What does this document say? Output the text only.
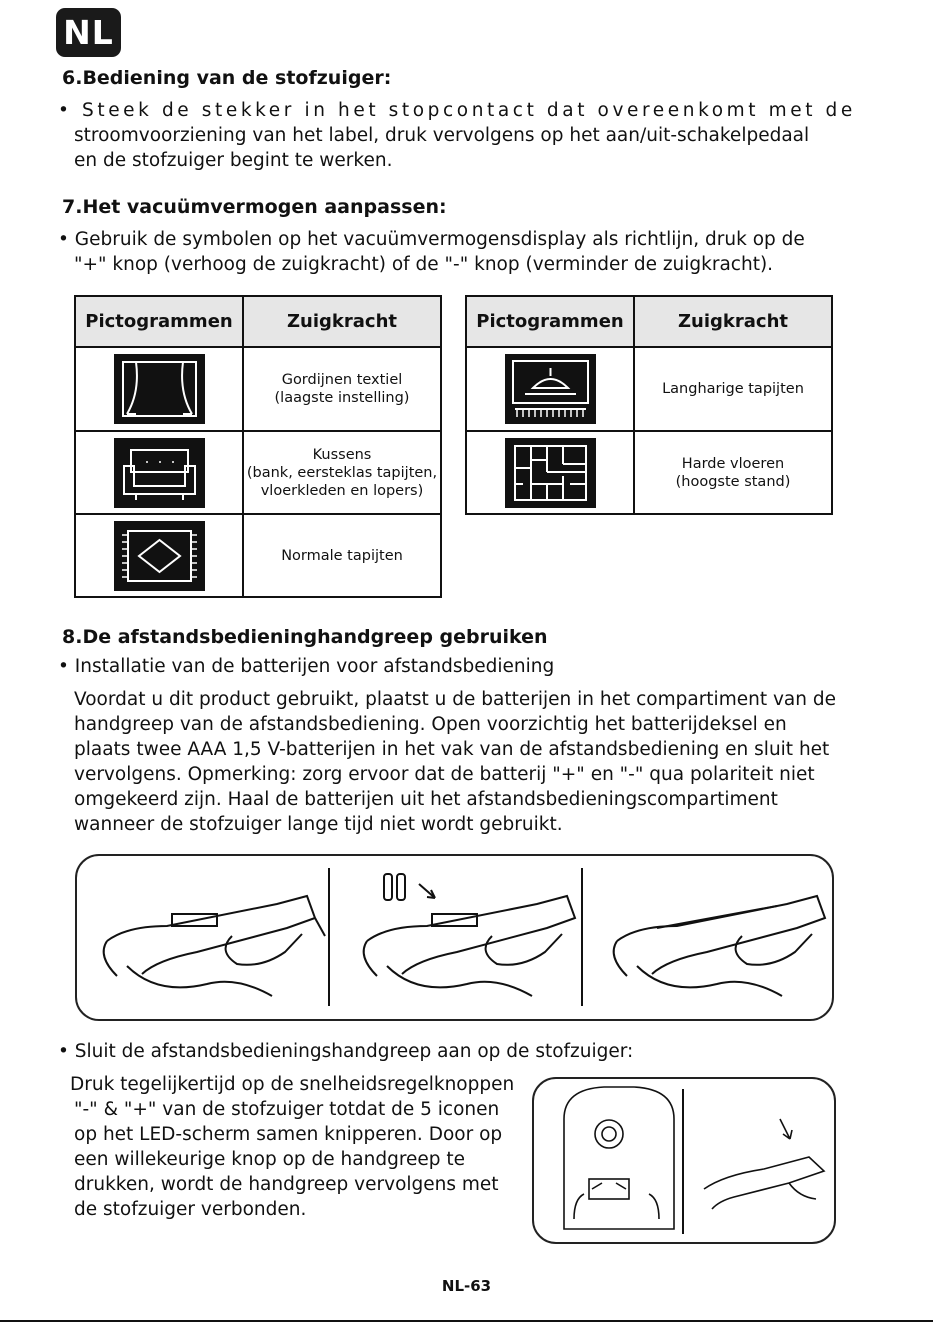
NL
6.Bediening van de stofzuiger:
• Steek de stekker in het stopcontact dat overeenkomt met de
stroomvoorziening van het label, druk vervolgens op het aan/uit-schakelpedaal
en de stofzuiger begint te werken.
7.Het vacuümvermogen aanpassen:
• Gebruik de symbolen op het vacuümvermogensdisplay als richtlijn, druk op de
"+" knop (verhoog de zuigkracht) of de "-" knop (verminder de zuigkracht).
Pictogrammen	Zuigkracht

Gordijnen textiel
(laagste instelling)

Kussens
(bank, eersteklas tapijten,
vloerkleden en lopers)

Normale tapijten
Pictogrammen	Zuigkracht

Langharige tapijten

Harde vloeren
(hoogste stand)
8.De afstandsbedieninghandgreep gebruiken
• Installatie van de batterijen voor afstandsbediening
Voordat u dit product gebruikt, plaatst u de batterijen in het compartiment van de
handgreep van de afstandsbediening. Open voorzichtig het batterijdeksel en
plaats twee AAA 1,5 V-batterijen in het vak van de afstandsbediening en sluit het
vervolgens. Opmerking: zorg ervoor dat de batterij "+" en "-" qua polariteit niet
omgekeerd zijn. Haal de batterijen uit het afstandsbedieningscompartiment
wanneer de stofzuiger lange tijd niet wordt gebruikt.
• Sluit de afstandsbedieningshandgreep aan op de stofzuiger:
Druk tegelijkertijd op de snelheidsregelknoppen
"-" & "+" van de stofzuiger totdat de 5 iconen
op het LED-scherm samen knipperen. Door op
een willekeurige knop op de handgreep te
drukken, wordt de handgreep vervolgens met
de stofzuiger verbonden.
NL-63
